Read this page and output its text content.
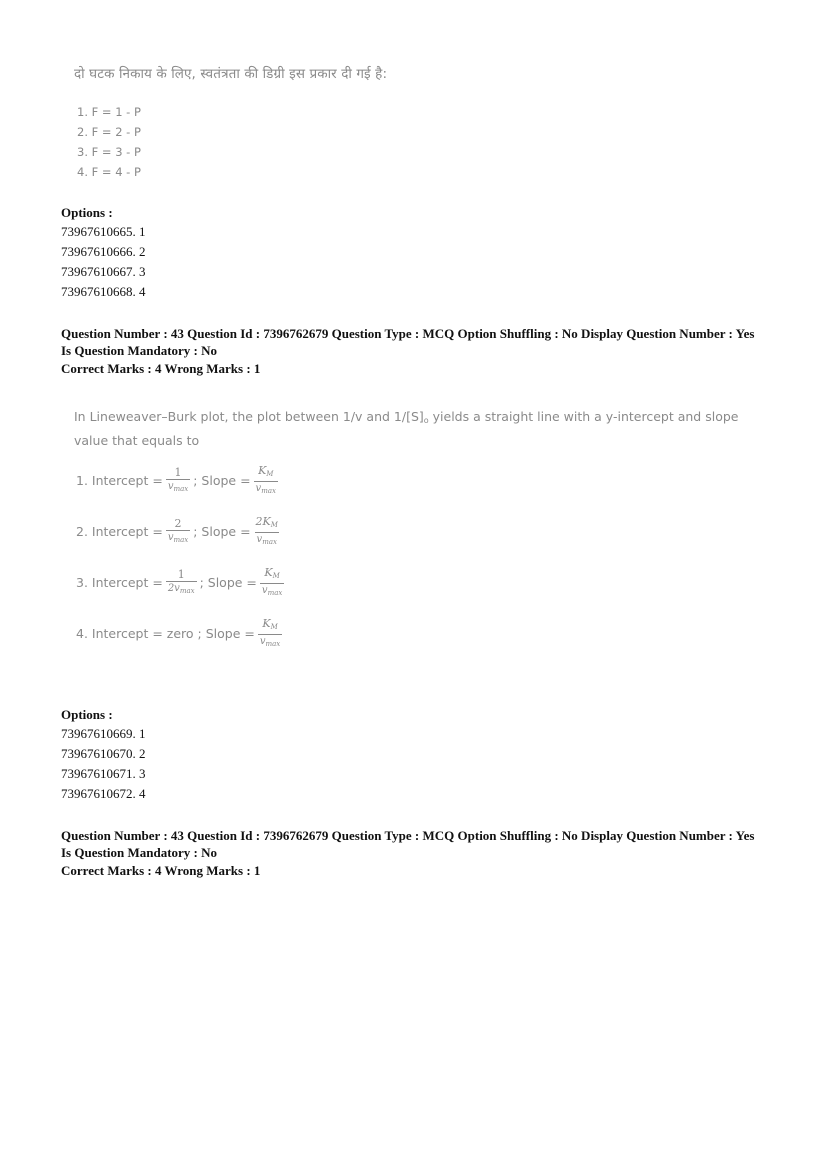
दो घटक निकाय के लिए, स्वतंत्रता की डिग्री इस प्रकार दी गई है:
1. F = 1 - P
2. F = 2 - P
3. F = 3 - P
4. F = 4 - P
Options :
73967610665. 1
73967610666. 2
73967610667. 3
73967610668. 4
Question Number : 43 Question Id : 7396762679 Question Type : MCQ Option Shuffling : No Display Question Number : Yes
Is Question Mandatory : No
Correct Marks : 4 Wrong Marks : 1
In Lineweaver–Burk plot, the plot between 1/v and 1/[S]o yields a straight line with a y-intercept and slope value that equals to
1. Intercept = $\frac{1}{v_{max}}$ ; Slope = $\frac{K_M}{v_{max}}$
2. Intercept = $\frac{2}{v_{max}}$ ; Slope = $\frac{2K_M}{v_{max}}$
3. Intercept = $\frac{1}{2v_{max}}$ ; Slope = $\frac{K_M}{v_{max}}$
4. Intercept = zero ; Slope = $\frac{K_M}{v_{max}}$
Options :
73967610669. 1
73967610670. 2
73967610671. 3
73967610672. 4
Question Number : 43 Question Id : 7396762679 Question Type : MCQ Option Shuffling : No Display Question Number : Yes
Is Question Mandatory : No
Correct Marks : 4 Wrong Marks : 1
